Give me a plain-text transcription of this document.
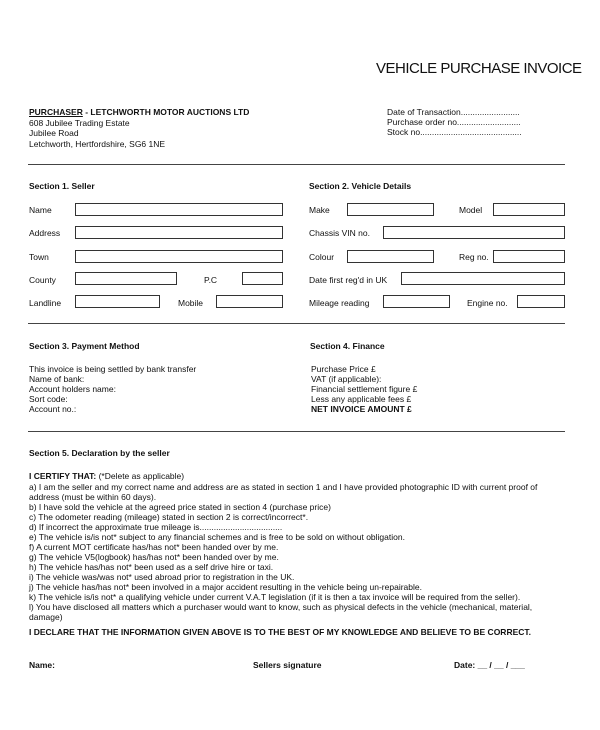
VEHICLE PURCHASE INVOICE
PURCHASER - LETCHWORTH MOTOR AUCTIONS LTD
608 Jubilee Trading Estate
Jubilee Road
Letchworth, Hertfordshire, SG6 1NE
Date of Transaction.........................
Purchase order no...........................
Stock no...........................................
Section 1. Seller
Name
Address
Town
County	P.C
Landline	Mobile
Section 2. Vehicle Details
Make	Model
Chassis VIN no.
Colour	Reg no.
Date first reg'd in UK
Mileage reading	Engine no.
Section 3. Payment Method
This invoice is being settled by bank transfer
Name of bank:
Account holders name:
Sort code:
Account no.:
Section 4. Finance
Purchase Price £
VAT (if applicable):
Financial settlement figure £
Less any applicable fees £
NET INVOICE AMOUNT £
Section 5. Declaration by the seller
I CERTIFY THAT: (*Delete as applicable)
a) I am the seller and my correct name and address are as stated in section 1 and I have provided photographic ID with current proof of
address (must be within 60 days).
b) I have sold the vehicle at the agreed price stated in section 4 (purchase price)
c) The odometer reading (mileage) stated in section 2 is correct/incorrect*.
d) If incorrect the approximate true mileage is...................................
e) The vehicle is/is not* subject to any financial schemes and is free to be sold on without obligation.
f) A current MOT certificate has/has not* been handed over by me.
g) The vehicle V5(logbook) has/has not* been handed over by me.
h) The vehicle has/has not* been used as a self drive hire or taxi.
i) The vehicle was/was not* used abroad prior to registration in the UK.
j) The vehicle has/has not* been involved in a major accident resulting in the vehicle being un-repairable.
k) The vehicle is/is not* a qualifying vehicle under current V.A.T legislation (if it is then a tax invoice will be required from the seller).
l) You have disclosed all matters which a purchaser would want to know, such as physical defects in the vehicle (mechanical, material,
damage)
I DECLARE THAT THE INFORMATION GIVEN ABOVE IS TO THE BEST OF MY KNOWLEDGE AND BELIEVE TO BE CORRECT.
Name:	Sellers signature	Date: __ / __ / ___
